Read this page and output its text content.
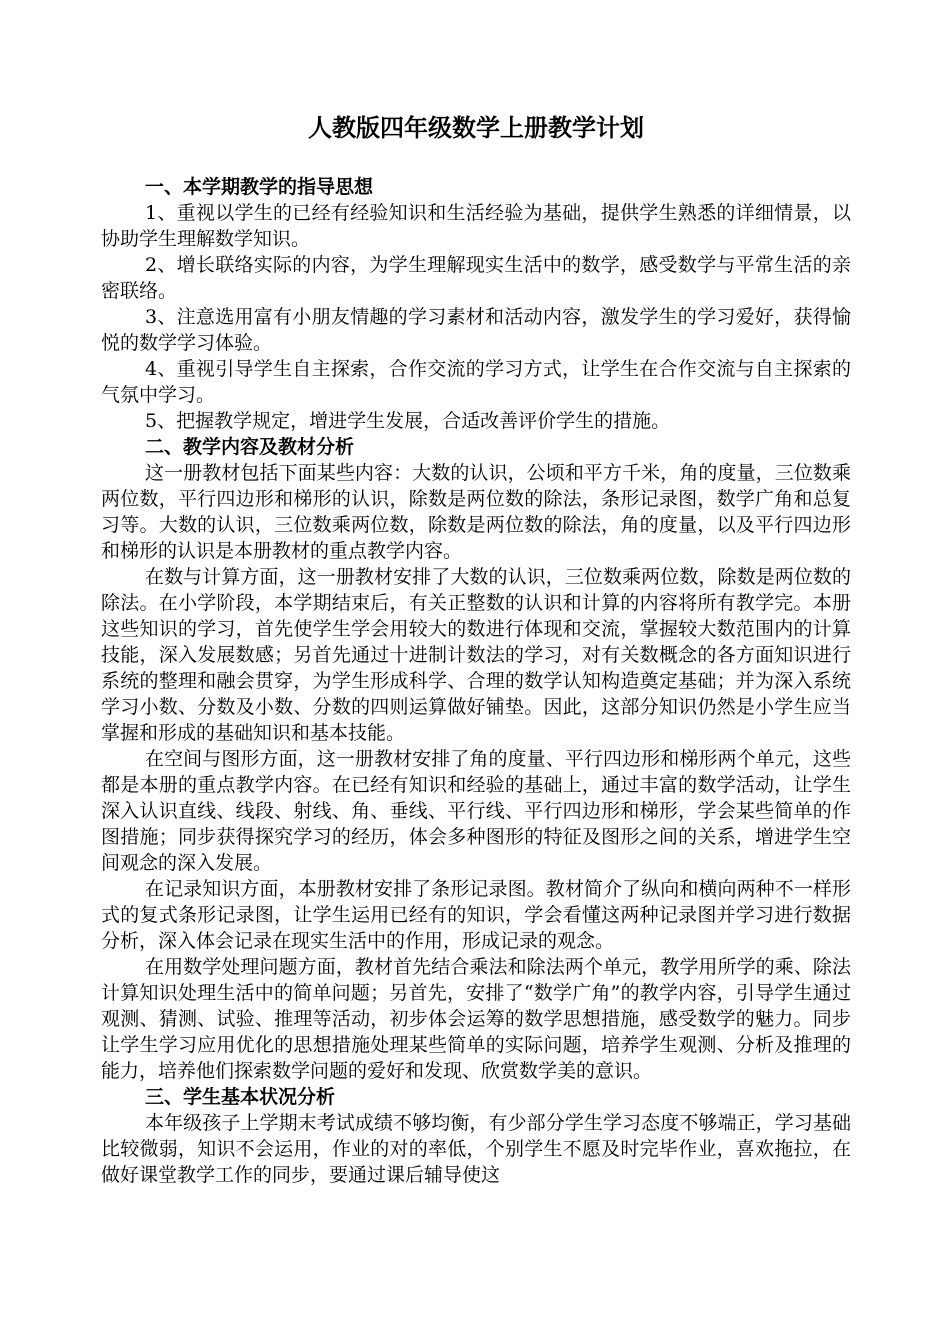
人教版四年级数学上册教学计划

一、本学期教学的指导思想

1、重视以学生的已经有经验知识和生活经验为基础，提供学生熟悉的详细情景，以协助学生理解数学知识。

2、增长联络实际的内容，为学生理解现实生活中的数学，感受数学与平常生活的亲密联络。

3、注意选用富有小朋友情趣的学习素材和活动内容，激发学生的学习爱好，获得愉悦的数学学习体验。

4、重视引导学生自主探索，合作交流的学习方式，让学生在合作交流与自主探索的气氛中学习。

5、把握教学规定，增进学生发展，合适改善评价学生的措施。

二、教学内容及教材分析

这一册教材包括下面某些内容：大数的认识，公顷和平方千米，角的度量，三位数乘两位数，平行四边形和梯形的认识，除数是两位数的除法，条形记录图，数学广角和总复习等。大数的认识，三位数乘两位数，除数是两位数的除法，角的度量，以及平行四边形和梯形的认识是本册教材的重点教学内容。

在数与计算方面，这一册教材安排了大数的认识，三位数乘两位数，除数是两位数的除法。在小学阶段，本学期结束后，有关正整数的认识和计算的内容将所有教学完。本册这些知识的学习，首先使学生学会用较大的数进行体现和交流，掌握较大数范围内的计算技能，深入发展数感；另首先通过十进制计数法的学习，对有关数概念的各方面知识进行系统的整理和融会贯穿，为学生形成科学、合理的数学认知构造奠定基础；并为深入系统学习小数、分数及小数、分数的四则运算做好铺垫。因此，这部分知识仍然是小学生应当掌握和形成的基础知识和基本技能。

在空间与图形方面，这一册教材安排了角的度量、平行四边形和梯形两个单元，这些都是本册的重点教学内容。在已经有知识和经验的基础上，通过丰富的数学活动，让学生深入认识直线、线段、射线、角、垂线、平行线、平行四边形和梯形，学会某些简单的作图措施；同步获得探究学习的经历，体会多种图形的特征及图形之间的关系，增进学生空间观念的深入发展。

在记录知识方面，本册教材安排了条形记录图。教材简介了纵向和横向两种不一样形式的复式条形记录图，让学生运用已经有的知识，学会看懂这两种记录图并学习进行数据分析，深入体会记录在现实生活中的作用，形成记录的观念。

在用数学处理问题方面，教材首先结合乘法和除法两个单元，教学用所学的乘、除法计算知识处理生活中的简单问题；另首先，安排了“数学广角”的教学内容，引导学生通过观测、猜测、试验、推理等活动，初步体会运筹的数学思想措施，感受数学的魅力。同步让学生学习应用优化的思想措施处理某些简单的实际问题，培养学生观测、分析及推理的能力，培养他们探索数学问题的爱好和发现、欣赏数学美的意识。

三、学生基本状况分析

本年级孩子上学期末考试成绩不够均衡，有少部分学生学习态度不够端正，学习基础比较微弱，知识不会运用，作业的对的率低，个别学生不愿及时完毕作业，喜欢拖拉，在做好课堂教学工作的同步，要通过课后辅导使这
